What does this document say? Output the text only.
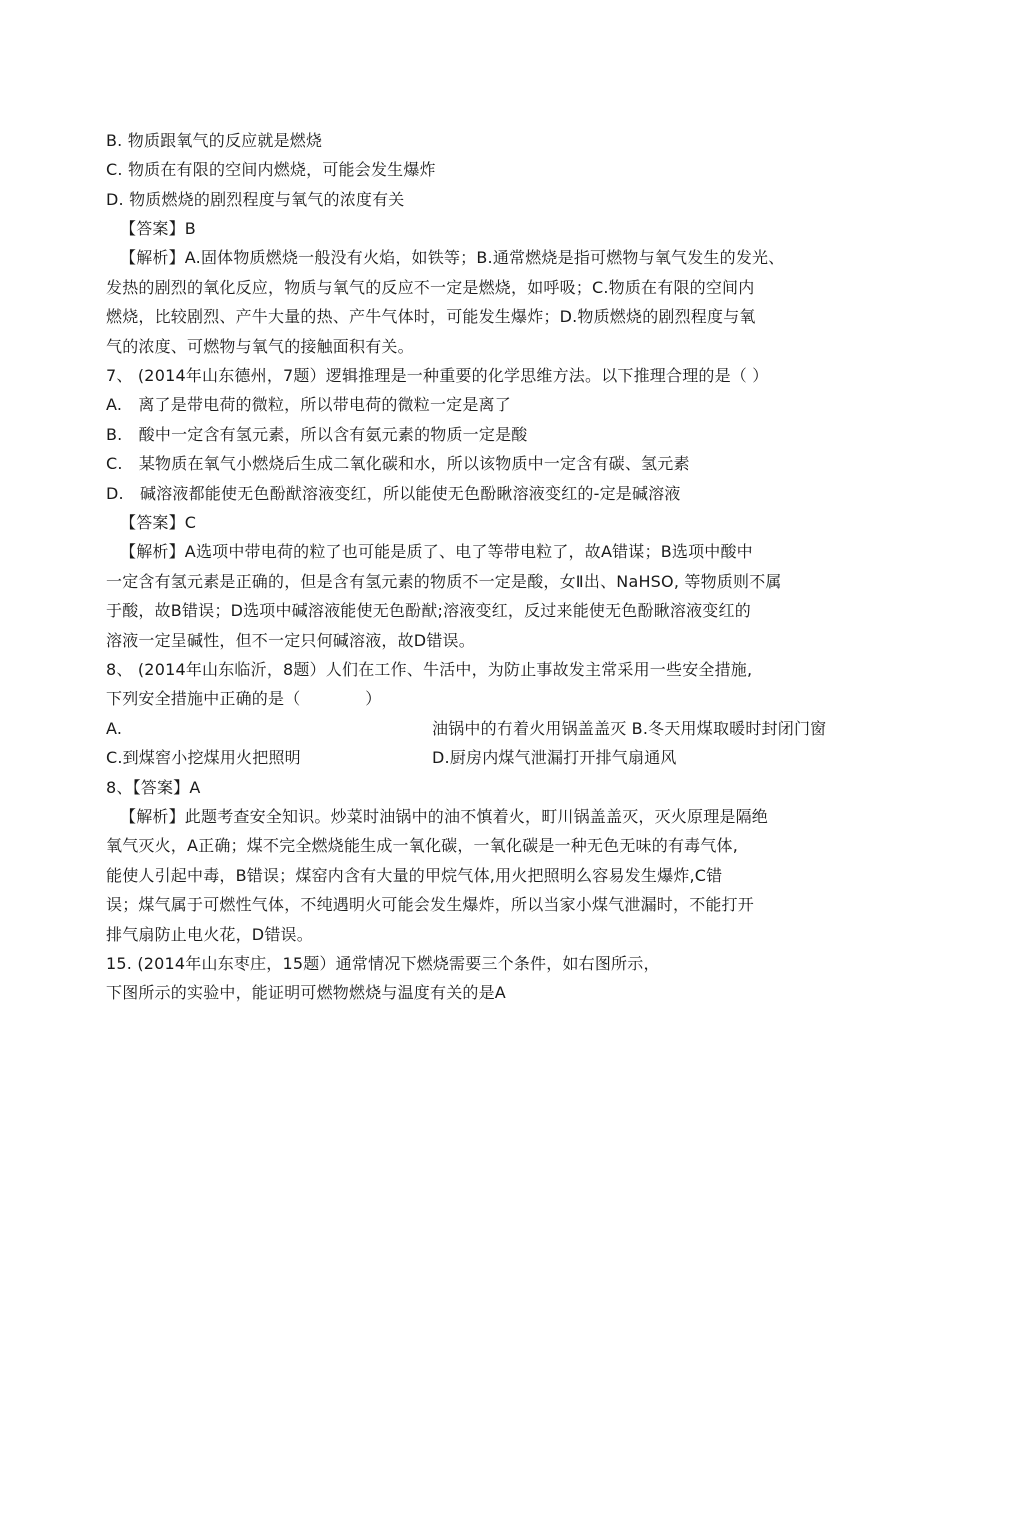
B. 物质跟氧气的反应就是燃烧
C. 物质在有限的空间内燃烧，可能会发生爆炸
D. 物质燃烧的剧烈程度与氧气的浓度有关
【答案】B
【解析】A.固体物质燃烧一般没有火焰，如铁等；B.通常燃烧是指可燃物与氧气发生的发光、
发热的剧烈的氧化反应，物质与氧气的反应不一定是燃烧，如呼吸；C.物质在有限的空间内
燃烧，比较剧烈、产牛大量的热、产牛气体时，可能发生爆炸；D.物质燃烧的剧烈程度与氧
气的浓度、可燃物与氧气的接触面积有关。
7、 (2014年山东德州，7题）逻辑推理是一种重要的化学思维方法。以下推理合理的是（ ）
A.　离了是带电荷的微粒，所以带电荷的微粒一定是离了
B.　酸中一定含有氢元素，所以含有氨元素的物质一定是酸
C.　某物质在氧气小燃烧后生成二氧化碳和水，所以该物质中一定含有碳、氢元素
D.　碱溶液都能使无色酚猷溶液变红，所以能使无色酚瞅溶液变红的-定是碱溶液
【答案】C
【解析】A选项中带电荷的粒了也可能是质了、电了等带电粒了，故A错谋；B选项中酸中
一定含有氢元素是正确的，但是含有氢元素的物质不一定是酸，女Ⅱ出、NaHSO, 等物质则不属
于酸，故B错误；D选项中碱溶液能使无色酚猷;溶液变红，反过来能使无色酚瞅溶液变红的
溶液一定呈碱性，但不一定只何碱溶液，故D错误。
8、 (2014年山东临沂，8题）人们在工作、牛活中，为防止事故发主常采用一些安全措施,
下列安全措施中正确的是（　　　　）
A.	油锅中的冇着火用锅盖盖灭 B.冬天用煤取暖时封闭门窗
C.到煤窖小挖煤用火把照明	D.厨房内煤气泄漏打开排气扇通风
8、【答案】A
【解析】此题考查安全知识。炒菜时油锅中的油不慎着火，町川锅盖盖灭，灭火原理是隔绝
氧气灭火，A正确；煤不完全燃烧能生成一氧化碳，一氧化碳是一种无色无味的有毒气体,
能使人引起中毒，B错误；煤窑内含有大量的甲烷气体,用火把照明么容易发生爆炸,C错
误；煤气属于可燃性气体，不纯遇明火可能会发生爆炸，所以当家小煤气泄漏时，不能打开
排气扇防止电火花，D错误。
15. (2014年山东枣庄，15题）通常情况下燃烧需要三个条件，如右图所示，
下图所示的实验中，能证明可燃物燃烧与温度有关的是A
